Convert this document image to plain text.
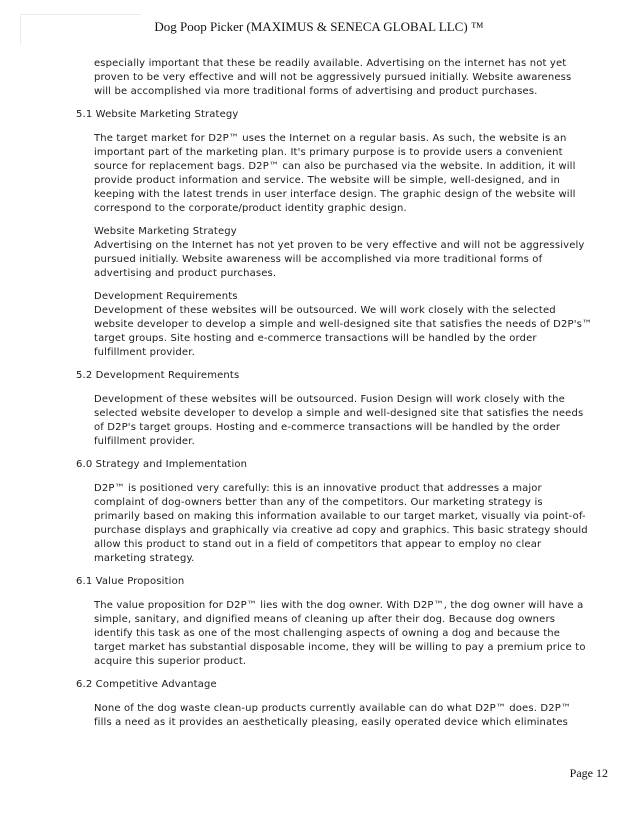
Dog Poop Picker (MAXIMUS & SENECA GLOBAL LLC) ™

especially important that these be readily available. Advertising on the internet has not yet
proven to be very effective and will not be aggressively pursued initially. Website awareness
will be accomplished via more traditional forms of advertising and product purchases.

5.1 Website Marketing Strategy

The target market for D2P™ uses the Internet on a regular basis. As such, the website is an
important part of the marketing plan. It's primary purpose is to provide users a convenient
source for replacement bags. D2P™ can also be purchased via the website. In addition, it will
provide product information and service. The website will be simple, well-designed, and in
keeping with the latest trends in user interface design. The graphic design of the website will
correspond to the corporate/product identity graphic design.

Website Marketing Strategy
Advertising on the Internet has not yet proven to be very effective and will not be aggressively
pursued initially. Website awareness will be accomplished via more traditional forms of
advertising and product purchases.

Development Requirements
Development of these websites will be outsourced. We will work closely with the selected
website developer to develop a simple and well-designed site that satisfies the needs of D2P's™
target groups. Site hosting and e-commerce transactions will be handled by the order
fulfillment provider.

5.2 Development Requirements

Development of these websites will be outsourced. Fusion Design will work closely with the
selected website developer to develop a simple and well-designed site that satisfies the needs
of D2P's target groups. Hosting and e-commerce transactions will be handled by the order
fulfillment provider.

6.0 Strategy and Implementation

D2P™ is positioned very carefully: this is an innovative product that addresses a major
complaint of dog-owners better than any of the competitors. Our marketing strategy is
primarily based on making this information available to our target market, visually via point-of-
purchase displays and graphically via creative ad copy and graphics. This basic strategy should
allow this product to stand out in a field of competitors that appear to employ no clear
marketing strategy.

6.1 Value Proposition

The value proposition for D2P™ lies with the dog owner. With D2P™, the dog owner will have a
simple, sanitary, and dignified means of cleaning up after their dog. Because dog owners
identify this task as one of the most challenging aspects of owning a dog and because the
target market has substantial disposable income, they will be willing to pay a premium price to
acquire this superior product.

6.2 Competitive Advantage

None of the dog waste clean-up products currently available can do what D2P™ does. D2P™
fills a need as it provides an aesthetically pleasing, easily operated device which eliminates

Page 12
